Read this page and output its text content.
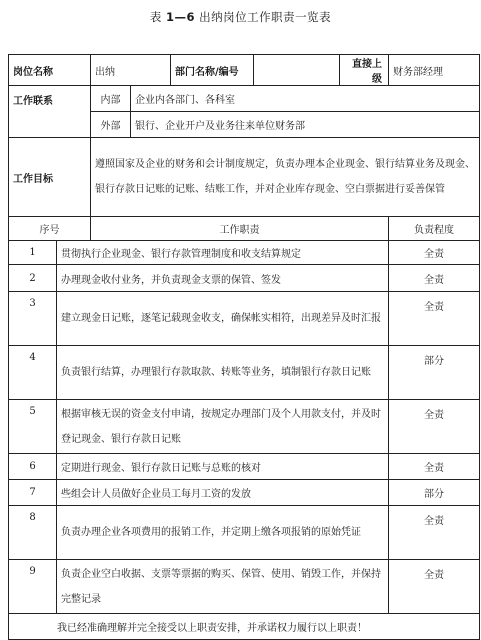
表 1—6 出纳岗位工作职责一览表
岗位名称		出纳		部门名称/编号		直接上级	财务部经理
工作联系		内部	企业内各部门、各科室				
		外部	银行、企业开户及业务往来单位财务部				
工作目标		遵照国家及企业的财务和会计制度规定，负责办理本企业现金、银行结算业务及现金、银行存款日记账的记账、结账工作，并对企业库存现金、空白票据进行妥善保管					
序号		工作职责					负责程度
1	贯彻执行企业现金、银行存款管理制度和收支结算规定						全责
2	办理现金收付业务，并负责现金支票的保管、签发						全责
3	建立现金日记账，逐笔记载现金收支，确保帐实相符，出现差异及时汇报						全责
4	负责银行结算，办理银行存款取款、转账等业务，填制银行存款日记账						部分
5	根据审核无误的资金支付申请，按规定办理部门及个人用款支付，并及时登记现金、银行存款日记账						全责
6	定期进行现金、银行存款日记账与总账的核对						全责
7	些组会计人员做好企业员工每月工资的发放						部分
8	负责办理企业各项费用的报销工作，并定期上缴各项报销的原始凭证						全责
9	负责企业空白收据、支票等票据的购买、保管、使用、销毁工作，并保持完整记录						全责
我已经准确理解并完全接受以上职责安排，并承诺权力履行以上职责！							
